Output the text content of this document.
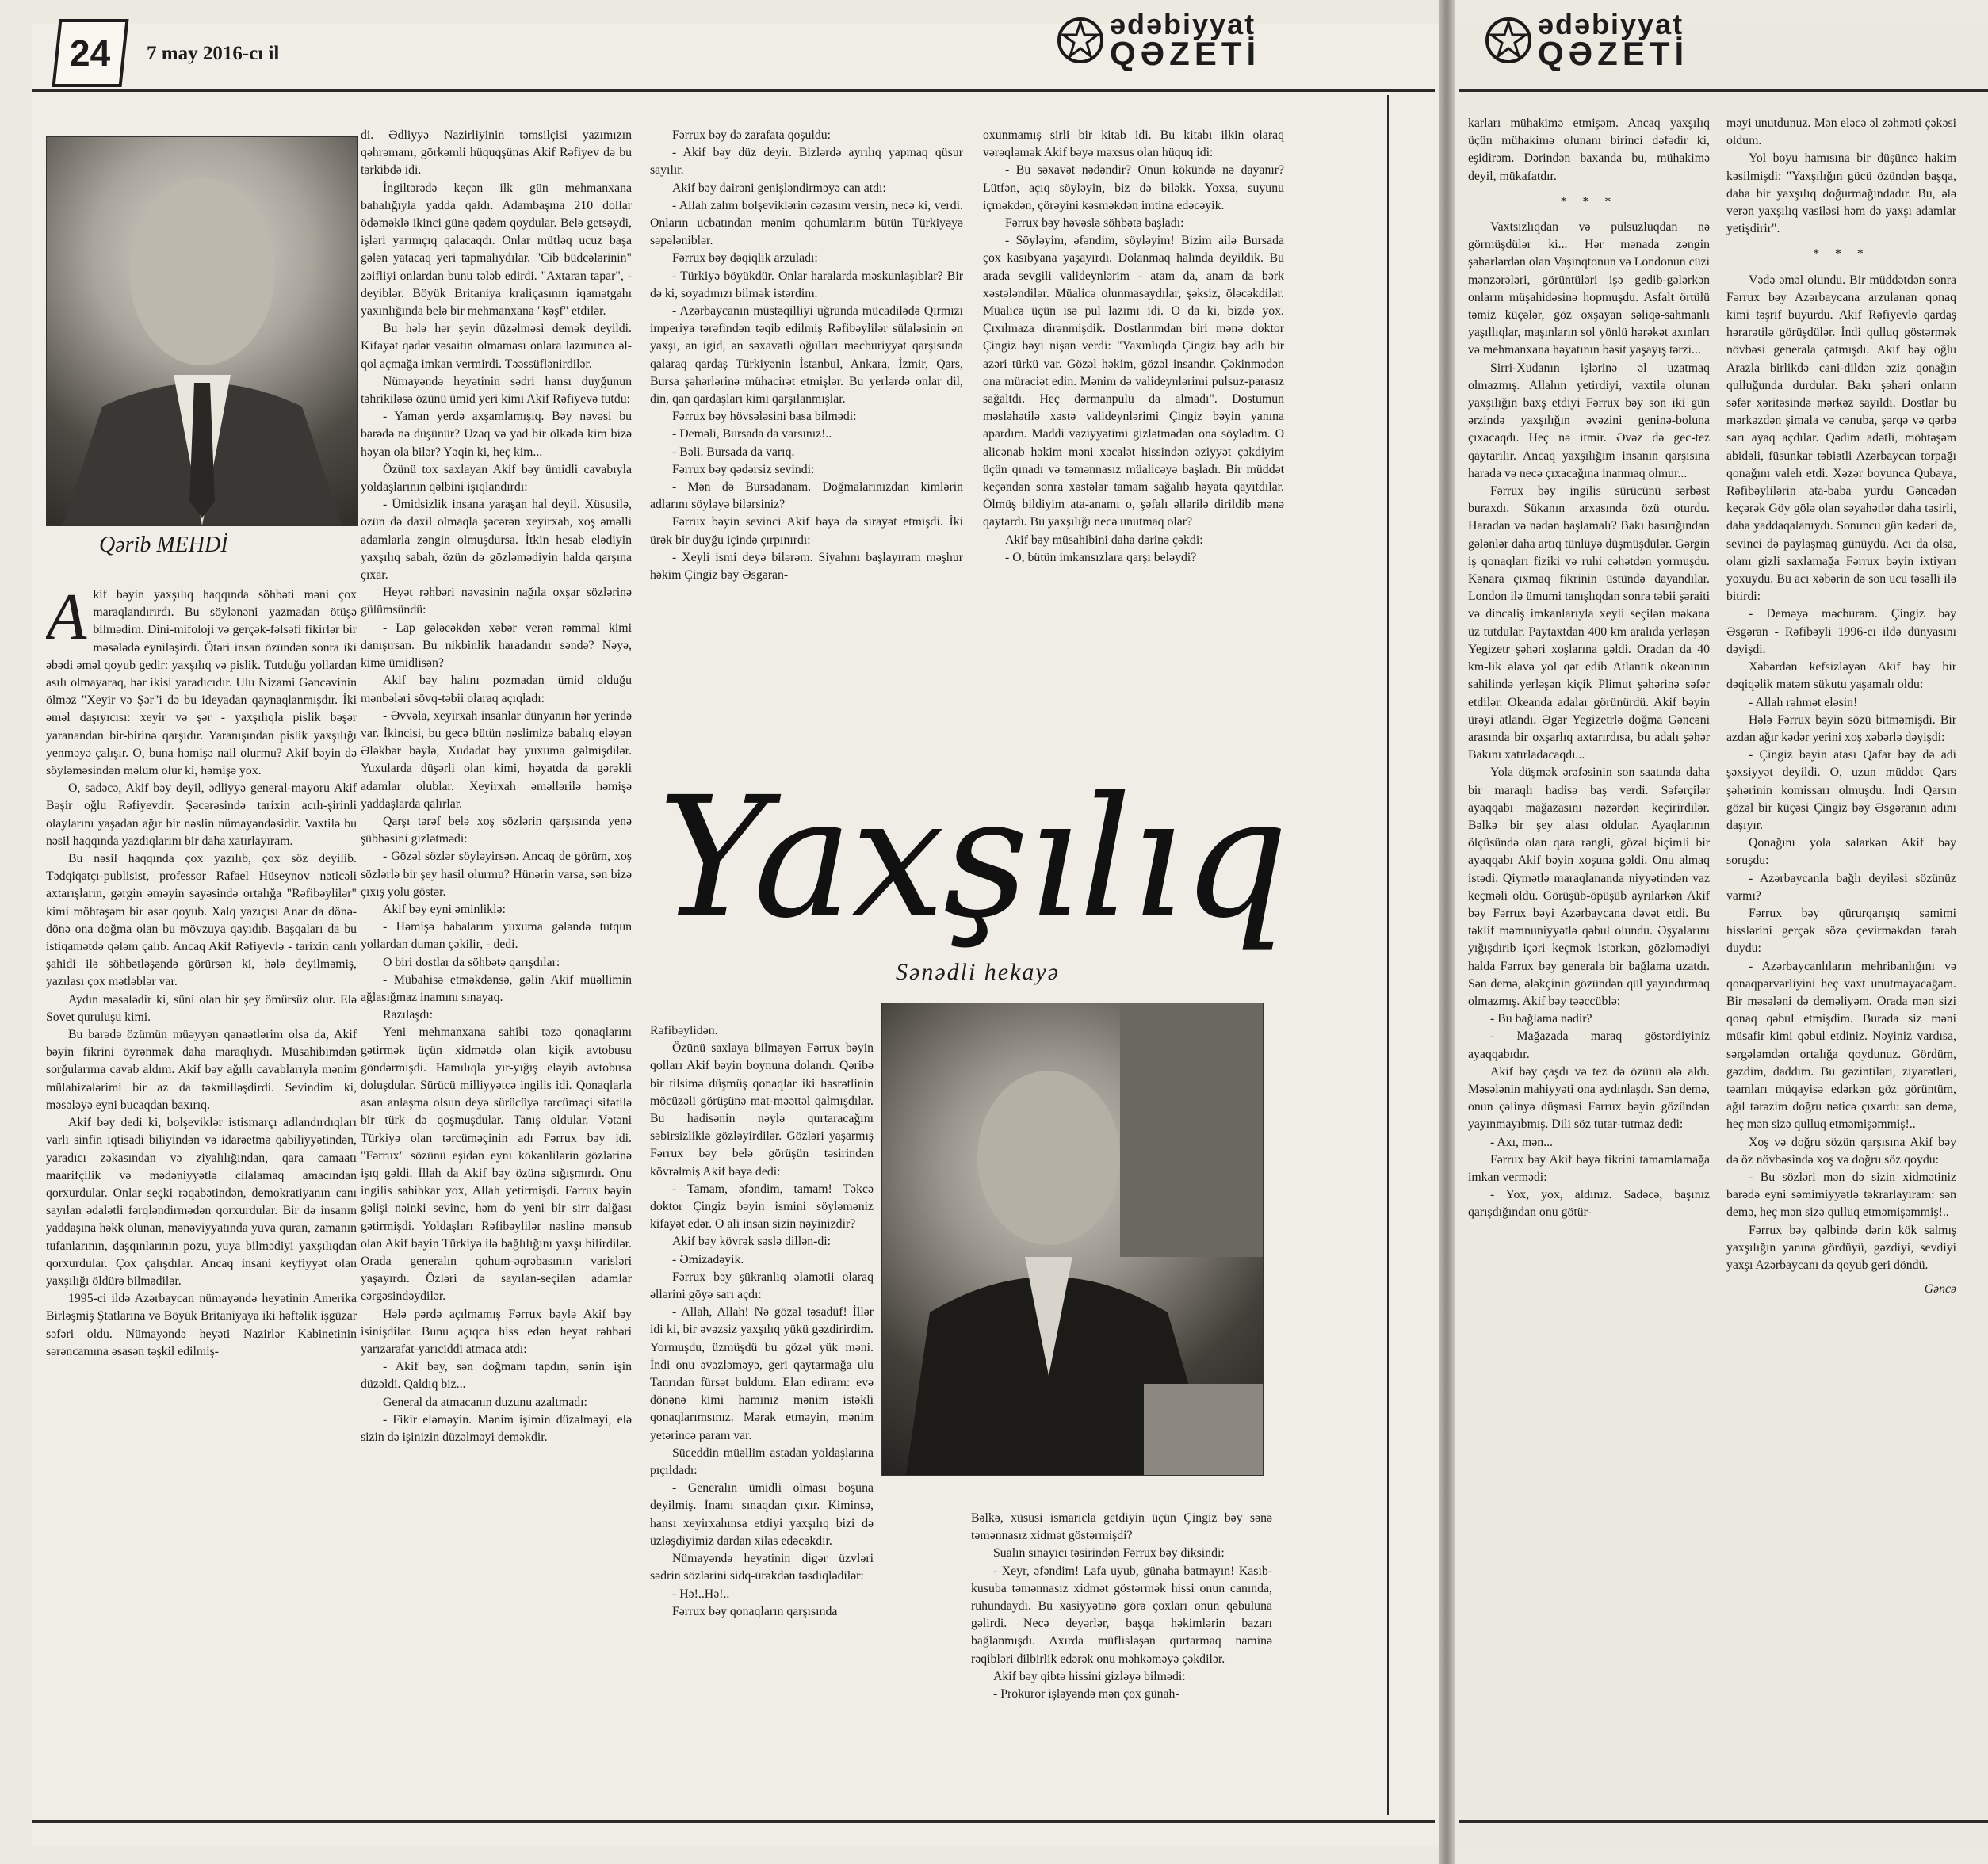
24 7 may 2016-cı il
ədəbiyyat
QƏZETİ
ədəbiyyat
QƏZETİ
Qərib MEHDİ
Yaxşılıq
Sənədli hekayə
A kif bəyin yaxşılıq haqqında söhbəti məni çox maraqlandırırdı. Bu söylənəni yazmadan ötüşə bilmədim. Dini-mifoloji və gerçək-fəlsəfi fikirlər bir məsələdə eyniləşirdi. Ötəri insan özündən sonra iki əbədi əməl qoyub gedir: yaxşılıq və pislik. Tutduğu yollardan asılı olmayaraq, hər ikisi yaradıcıdır. Ulu Nizami Gəncəvinin ölməz "Xeyir və Şər"i də bu ideyadan qaynaqlanmışdır. İki əməl daşıyıcısı: xeyir və şər - yaxşılıqla pislik bəşər yaranandan bir-birinə qarşıdır. Yaranışından pislik yaxşılığı yenməyə çalışır. O, buna həmişə nail olurmu? Akif bəyin də söyləməsindən məlum olur ki, həmişə yox.

O, sadəcə, Akif bəy deyil, ədliyyə general-mayoru Akif Bəşir oğlu Rəfiyevdir. Şəcərəsində tarixin acılı-şirinli olaylarını yaşadan ağır bir nəslin nümayəndəsidir. Vaxtilə bu nəsil haqqında yazdıqlarını bir daha xatırlayıram.

Bu nəsil haqqında çox yazılıb, çox söz deyilib. Tədqiqatçı-publisist, professor Rafael Hüseynov nəticəli axtarışların, gərgin əməyin sayəsində ortalığa "Rəfibəylilər" kimi möhtəşəm bir əsər qoyub. Xalq yazıçısı Anar da dönə-dönə ona doğma olan bu mövzuya qayıdıb. Başqaları da bu istiqamətdə qələm çalıb. Ancaq Akif Rəfiyevlə - tarixin canlı şahidi ilə söhbətləşəndə görürsən ki, hələ deyilməmiş, yazılası çox mətləblər var.

Aydın məsələdir ki, süni olan bir şey ömürsüz olur. Elə Sovet quruluşu kimi.

Bu barədə özümün müəyyən qənaətlərim olsa da, Akif bəyin fikrini öyrənmək daha maraqlıydı. Müsahibimdən sorğularıma cavab aldım. Akif bəy ağıllı cavablarıyla mənim mülahizələrimi bir az da təkmilləşdirdi. Sevindim ki, məsələyə eyni bucaqdan baxırıq.

Akif bəy dedi ki, bolşeviklər istismarçı adlandırdıqları varlı sinfin iqtisadi biliyindən və idarəetmə qabiliyyətindən, yaradıcı zəkasından və ziyalılığından, qara camaatı maarifçilik və mədəniyyətlə cilalamaq amacından qorxurdular. Onlar seçki rəqabətindən, demokratiyanın canı sayılan ədalətli fərqləndirmədən qorxurdular. Bir də insanın yaddaşına həkk olunan, mənəviyyatında yuva quran, zamanın tufanlarının, daşqınlarının pozu, yuya bilmədiyi yaxşılıqdan qorxurdular. Çox çalışdılar. Ancaq insani keyfiyyət olan yaxşılığı öldürə bilmədilər.

1995-ci ildə Azərbaycan nümayəndə heyətinin Amerika Birləşmiş Ştatlarına və Böyük Britaniyaya iki həftəlik işgüzar səfəri oldu. Nümayəndə heyəti Nazirlər Kabinetinin sərəncamına əsasən təşkil edilmiş-

di. Ədliyyə Nazirliyinin təmsilçisi yazımızın qəhrəmanı, görkəmli hüquqşünas Akif Rəfiyev də bu tərkibdə idi.

İngiltərədə keçən ilk gün mehmanxana bahalığıyla yadda qaldı. Adambaşına 210 dollar ödəməklə ikinci günə qədəm qoydular. Belə getsəydi, işləri yarımçıq qalacaqdı. Onlar mütləq ucuz başa gələn yatacaq yeri tapmalıydılar. "Cib büdcələrinin" zəifliyi onlardan bunu tələb edirdi. "Axtaran tapar", - deyiblər. Böyük Britaniya kraliçasının iqamətgahı yaxınlığında belə bir mehmanxana "kəşf" etdilər.

Bu hələ hər şeyin düzəlməsi demək deyildi. Kifayət qədər vəsaitin olmaması onlara lazımınca əl-qol açmağa imkan vermirdi. Təəssüflənirdilər.

Nümayəndə heyətinin sədri hansı duyğunun təhrikiləsə özünü ümid yeri kimi Akif Rəfiyevə tutdu:

- Yaman yerdə axşamlamışıq. Bəy nəvəsi bu barədə nə düşünür? Uzaq və yad bir ölkədə kim bizə həyan ola bilər? Yəqin ki, heç kim...

Özünü tox saxlayan Akif bəy ümidli cavabıyla yoldaşlarının qəlbini işıqlandırdı:

- Ümidsizlik insana yaraşan hal deyil. Xüsusilə, özün də daxil olmaqla şəcərən xeyirxah, xoş əməlli adamlarla zəngin olmuşdursa. İtkin hesab elədiyin yaxşılıq sabah, özün də gözləmədiyin halda qarşına çıxar.

Heyət rəhbəri nəvəsinin nağıla oxşar sözlərinə gülümsündü:

- Lap gələcəkdən xəbər verən rəmmal kimi danışırsan. Bu nikbinlik haradandır səndə? Nəyə, kimə ümidlisən?

Akif bəy halını pozmadan ümid olduğu mənbələri sövq-təbii olaraq açıqladı:

- Əvvəla, xeyirxah insanlar dünyanın hər yerində var. İkincisi, bu gecə bütün nəslimizə babalıq eləyən Ələkbər bəylə, Xudadat bəy yuxuma gəlmişdilər. Yuxularda düşərli olan kimi, həyatda da gərəkli adamlar olublar. Xeyirxah əməllərilə həmişə yaddaşlarda qalırlar.

Qarşı tərəf belə xoş sözlərin qarşısında yenə şübhəsini gizlətmədi:

- Gözəl sözlər söyləyirsən. Ancaq de görüm, xoş sözlərlə bir şey hasil olurmu? Hünərin varsa, sən bizə çıxış yolu göstər.

Akif bəy eyni əminliklə:

- Həmişə babalarım yuxuma gələndə tutqun yollardan duman çəkilir, - dedi.

O biri dostlar da söhbətə qarışdılar:

- Mübahisə etməkdənsə, gəlin Akif müəllimin ağlasığmaz inamını sınayaq.

Razılaşdı:

Yeni mehmanxana sahibi təzə qonaqlarını gətirmək üçün xidmətdə olan kiçik avtobusu göndərmişdi. Hamılıqla yır-yığış eləyib avtobusa doluşdular. Sürücü milliyyətcə ingilis idi. Qonaqlarla asan anlaşma olsun deyə sürücüyə tərcüməçi sifətilə bir türk də qoşmuşdular. Tanış oldular. Vətəni Türkiyə olan tərcüməçinin adı Fərrux bəy idi. "Fərrux" sözünü eşidən eyni kökənlilərin gözlərinə işıq gəldi. İllah da Akif bəy özünə sığışmırdı. Onu ingilis sahibkar yox, Allah yetirmişdi. Fərrux bəyin gəlişi nəinki sevinc, həm də yeni bir sirr dalğası gətirmişdi. Yoldaşları Rəfibəylilər nəslinə mənsub olan Akif bəyin Türkiyə ilə bağlılığını yaxşı bilirdilər. Orada generalın qohum-əqrəbasının varisləri yaşayırdı. Özləri də sayılan-seçilən adamlar cərgəsindəydilər.

Hələ pərdə açılmamış Fərrux bəylə Akif bəy isinişdilər. Bunu açıqca hiss edən heyət rəhbəri yarızarafat-yarıciddi atmaca atdı:

- Akif bəy, sən doğmanı tapdın, sənin işin düzəldi. Qaldıq biz...

General da atmacanın duzunu azaltmadı:

- Fikir eləməyin. Mənim işimin düzəlməyi, elə sizin də işinizin düzəlməyi deməkdir.

Fərrux bəy də zarafata qoşuldu:

- Akif bəy düz deyir. Bizlərdə ayrılıq yapmaq qüsur sayılır.

Akif bəy dairəni genişləndirməyə can atdı:

- Allah zalım bolşeviklərin cəzasını versin, necə ki, verdi. Onların ucbatından mənim qohumlarım bütün Türkiyəyə səpələniblər.

Fərrux bəy dəqiqlik arzuladı:

- Türkiyə böyükdür. Onlar haralarda məskunlaşıblar? Bir də ki, soyadınızı bilmək istərdim.

- Azərbaycanın müstəqilliyi uğrunda mücadilədə Qırmızı imperiya tərəfindən təqib edilmiş Rəfibəylilər sülaləsinin ən yaxşı, ən igid, ən səxavətli oğulları məcburiyyət qarşısında qalaraq qardaş Türkiyənin İstanbul, Ankara, İzmir, Qars, Bursa şəhərlərinə mühacirət etmişlər. Bu yerlərdə onlar dil, din, qan qardaşları kimi qarşılanmışlar.

Fərrux bəy hövsələsini basa bilmədi:

- Deməli, Bursada da varsınız!..

- Bəli. Bursada da varıq.

Fərrux bəy qədərsiz sevindi:

- Mən də Bursadanam. Doğmalarınızdan kimlərin adlarını söyləyə bilərsiniz?

Fərrux bəyin sevinci Akif bəyə də sirayət etmişdi. İki ürək bir duyğu içində çırpınırdı:

- Xeyli ismi deyə bilərəm. Siyahını başlayıram məşhur həkim Çingiz bəy Əsgəran-

oxunmamış sirli bir kitab idi. Bu kitabı ilkin olaraq vərəqləmək Akif bəyə məxsus olan hüquq idi:

- Bu səxavət nədəndir? Onun kökündə nə dayanır? Lütfən, açıq söyləyin, biz də biləkk. Yoxsa, suyunu içməkdən, çörəyini kəsməkdən imtina edəcəyik.

Fərrux bəy həvəslə söhbətə başladı:

- Söyləyim, əfəndim, söyləyim! Bizim ailə Bursada çox kasıbyana yaşayırdı. Dolanmaq halında deyildik. Bu arada sevgili valideynlərim - atam da, anam da bərk xəstələndilər. Müalicə olunmasaydılar, şəksiz, öləcəkdilər. Müalicə üçün isə pul lazımı idi. O da ki, bizdə yox. Çıxılmaza dirənmişdik. Dostlarımdan biri mənə doktor Çingiz bəyi nişan verdi: "Yaxınlıqda Çingiz bəy adlı bir azəri türkü var. Gözəl həkim, gözəl insandır. Çəkinmədən ona müraciət edin. Mənim də valideynlərimi pulsuz-parasız sağaltdı. Heç dərmanpulu da almadı". Dostumun məsləhətilə xəstə valideynlərimi Çingiz bəyin yanına apardım. Maddi vəziyyətimi gizlətmədən ona söylədim. O alicənab həkim məni xəcalət hissindən əziyyət çəkdiyim üçün qınadı və təmənnasız müalicəyə başladı. Bir müddət keçəndən sonra xəstələr tamam sağalıb həyata qayıtdılar. Ölmüş bildiyim ata-anamı o, şəfalı əllərilə dirildib mənə qaytardı. Bu yaxşılığı necə unutmaq olar?

Akif bəy müsahibini daha dərinə çəkdi:

- O, bütün imkansızlara qarşı beləydi?

Rəfibəylidən.

Özünü saxlaya bilməyən Fərrux bəyin qolları Akif bəyin boynuna dolandı. Qəribə bir tilsimə düşmüş qonaqlar iki həsrətlinin möcüzəli görüşünə mat-məəttəl qalmışdılar. Bu hadisənin nəylə qurtaracağını səbirsizliklə gözləyirdilər. Gözləri yaşarmış Fərrux bəy belə görüşün təsirindən kövrəlmiş Akif bəyə dedi:

- Tamam, əfəndim, tamam! Təkcə doktor Çingiz bəyin ismini söyləməniz kifayət edər. O ali insan sizin nəyinizdir?

Akif bəy kövrək səslə dillən-di:

- Əmizadəyik.

Fərrux bəy şükranlıq əlamətii olaraq əllərini göyə sarı açdı:

- Allah, Allah! Nə gözəl təsadüf! İllər idi ki, bir əvəzsiz yaxşılıq yükü gəzdirirdim. Yormuşdu, üzmüşdü bu gözəl yük məni. İndi onu əvəzləməyə, geri qaytarmağa ulu Tanrıdan fürsət buldum. Elan ediram: evə dönənə kimi hamınız mənim istəkli qonaqlarımsınız. Mərak etməyin, mənim yetərincə param var.

Süceddin müəllim astadan yoldaşlarına pıçıldadı:

- Generalın ümidli olması boşuna deyilmiş. İnamı sınaqdan çıxır. Kiminsə, hansı xeyirxahınsa etdiyi yaxşılıq bizi də üzləşdiyimiz dardan xilas edəcəkdir.

Nümayəndə heyətinin digər üzvləri sədrin sözlərini sidq-ürəkdən təsdiqlədilər:

- Hə!..Hə!..

Fərrux bəy qonaqların qarşısında

Bəlkə, xüsusi ismarıcla getdiyin üçün Çingiz bəy sənə təmənnasız xidmət göstərmişdi?

Sualın sınayıcı təsirindən Fərrux bəy diksindi:

- Xeyr, əfəndim! Lafa uyub, günaha batmayın! Kasıb-kusuba təmənnasız xidmət göstərmək hissi onun canında, ruhundaydı. Bu xasiyyətinə görə çoxları onun qəbuluna gəlirdi. Necə deyərlər, başqa həkimlərin bazarı bağlanmışdı. Axırda müflisləşən qurtarmaq naminə rəqibləri dilbirlik edərək onu məhkəməyə çəkdilər.

Akif bəy qibtə hissini gizləyə bilmədi:

- Prokuror işləyəndə mən çox günah-

karları mühakimə etmişəm. Ancaq yaxşılıq üçün mühakimə olunanı birinci dəfədir ki, eşidirəm. Dərindən baxanda bu, mühakimə deyil, mükafatdır.

* * *

Vaxtsızlıqdan və pulsuzluqdan nə görmüşdülər ki... Hər mənada zəngin şəhərlərdən olan Vaşinqtonun və Londonun cüzi mənzərələri, görüntüləri işə gedib-gələrkən onların müşahidəsinə hopmuşdu. Asfalt örtülü təmiz küçələr, göz oxşayan səliqə-sahmanlı yaşıllıqlar, maşınların sol yönlü hərəkət axınları və mehmanxana həyatının bəsit yaşayış tərzi...

Sirri-Xudanın işlərinə əl uzatmaq olmazmış. Allahın yetirdiyi, vaxtilə olunan yaxşılığın baxş etdiyi Fərrux bəy son iki gün ərzində yaxşılığın əvəzini geninə-boluna çıxacaqdı. Heç nə itmir. Əvəz də gec-tez qaytarılır. Ancaq yaxşılığım insanın qarşısına harada və necə çıxacağına inanmaq olmur...

Fərrux bəy ingilis sürücünü sərbəst buraxdı. Sükanın arxasında özü oturdu. Haradan və nədən başlamalı? Bakı basırığından gələnlər daha artıq tünlüyə düşmüşdülər. Gərgin iş qonaqları fiziki və ruhi cəhətdən yormuşdu. Kənara çıxmaq fikrinin üstündə dayandılar. London ilə ümumi tanışlıqdan sonra təbii şəraiti və dincəliş imkanlarıyla xeyli seçilən məkana üz tutdular. Paytaxtdan 400 km aralıda yerləşən Yegizetr şəhəri xoşlarına gəldi. Oradan da 40 km-lik əlavə yol qət edib Atlantik okeanının sahilində yerləşən kiçik Plimut şəhərinə səfər etdilər. Okeanda adalar görünürdü. Akif bəyin ürəyi atlandı. Əgər Yegizetrlə doğma Gəncəni arasında bir oxşarlıq axtarırdısa, bu adalı şəhər Bakını xatırladacaqdı...

Yola düşmək ərəfəsinin son saatında daha bir maraqlı hadisə baş verdi. Səfərçilər ayaqqabı mağazasını nəzərdən keçirirdilər. Bəlkə bir şey alası oldular. Ayaqlarının ölçüsündə olan qara rəngli, gözəl biçimli bir ayaqqabı Akif bəyin xoşuna gəldi. Onu almaq istədi. Qiymətlə maraqlananda niyyətindən vaz keçməli oldu. Görüşüb-öpüşüb ayrılarkən Akif bəy Fərrux bəyi Azərbaycana dəvət etdi. Bu təklif məmnuniyyətlə qəbul olundu. Əşyalarını yığışdırıb içəri keçmək istərkən, gözləmədiyi halda Fərrux bəy generala bir bağlama uzatdı. Sən demə, ələkçinin gözündən qül yayındırmaq olmazmış. Akif bəy təəccüblə:

- Bu bağlama nədir?

- Mağazada maraq göstərdiyiniz ayaqqabıdır.

Akif bəy çaşdı və tez də özünü ələ aldı. Məsələnin mahiyyəti ona aydınlaşdı. Sən demə, onun çəlinyə düşməsi Fərrux bəyin gözündən yayınmayıbmış. Dili söz tutar-tutmaz dedi:

- Axı, mən...

Fərrux bəy Akif bəyə fikrini tamamlamağa imkan vermədi:

- Yox, yox, aldınız. Sadəcə, başınız qarışdığından onu götür-

məyi unutdunuz. Mən eləcə əl zəhməti çəkəsi oldum.

Yol boyu hamısına bir düşüncə hakim kəsilmişdi: "Yaxşılığın gücü özündən başqa, daha bir yaxşılıq doğurmağındadır. Bu, ələ verən yaxşılıq vasiləsi həm də yaxşı adamlar yetişdirir".

* * *

Vədə əməl olundu. Bir müddətdən sonra Fərrux bəy Azərbaycana arzulanan qonaq kimi təşrif buyurdu. Akif Rəfiyevlə qardaş hərarətilə görüşdülər. İndi qulluq göstərmək növbəsi generala çatmışdı. Akif bəy oğlu Arazla birlikdə cani-dildən əziz qonağın qulluğunda durdular. Bakı şəhəri onların səfər xəritəsində mərkəz sayıldı. Dostlar bu mərkəzdən şimala və cənuba, şərqə və qərbə sarı ayaq açdılar. Qədim adətli, möhtəşəm abidəli, füsunkar təbiətli Azərbaycan torpağı qonağını valeh etdi. Xəzər boyunca Qubaya, Rəfibəylilərin ata-baba yurdu Gəncədən keçərək Göy gölə olan səyahətlər daha təsirli, daha yaddaqalanıydı. Sonuncu gün kədəri də, sevinci də paylaşmaq günüydü. Acı da olsa, olanı gizli saxlamağa Fərrux bəyin ixtiyarı yoxuydu. Bu acı xəbərin də son ucu təsəlli ilə bitirdi:

- Deməyə məcburam. Çingiz bəy Əsgəran - Rəfibəyli 1996-cı ildə dünyasını dəyişdi.

Xəbərdən kefsizləyən Akif bəy bir dəqiqəlik matəm sükutu yaşamalı oldu:

- Allah rəhmət eləsin!

Hələ Fərrux bəyin sözü bitməmişdi. Bir azdan ağır kədər yerini xoş xəbərlə dəyişdi:

- Çingiz bəyin atası Qafar bəy də adi şəxsiyyət deyildi. O, uzun müddət Qars şəhərinin komissarı olmuşdu. İndi Qarsın gözəl bir küçəsi Çingiz bəy Əsgəranın adını daşıyır.

Qonağını yola salarkən Akif bəy soruşdu:

- Azərbaycanla bağlı deyiləsi sözünüz varmı?

Fərrux bəy qürurqarışıq səmimi hisslərini gerçək sözə çevirməkdən fərəh duydu:

- Azərbaycanlıların mehribanlığını və qonaqpərvərliyini heç vaxt unutmayacağam. Bir məsələni də deməliyəm. Orada mən sizi qonaq qəbul etmişdim. Burada siz məni müsafir kimi qəbul etdiniz. Nəyiniz vardısa, sərgələmdən ortalığa qoydunuz. Gördüm, gəzdim, daddım. Bu gəzintiləri, ziyarətləri, təamları müqayisə edərkən göz görüntüm, ağıl tərəzim doğru nəticə çıxardı: sən demə, heç mən sizə qulluq etməmişəmmiş!..

Xoş və doğru sözün qarşısına Akif bəy də öz növbəsində xoş və doğru söz qoydu:

- Bu sözləri mən də sizin xidmətiniz barədə eyni səmimiyyətlə təkrarlayıram: sən demə, heç mən sizə qulluq etməmişəmmiş!..

Fərrux bəy qəlbində dərin kök salmış yaxşılığın yanına gördüyü, gəzdiyi, sevdiyi yaxşı Azərbaycanı da qoyub geri döndü.

Gəncə
